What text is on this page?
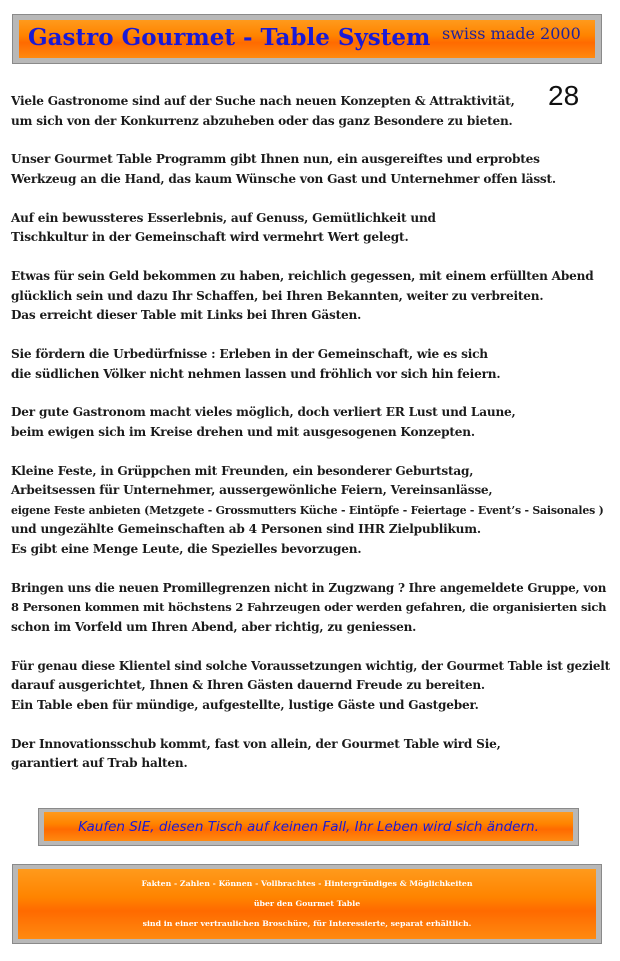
Gastro Gourmet - Table System swiss made 2000
28
Viele Gastronome sind auf der Suche nach neuen Konzepten & Attraktivität,
um sich von der Konkurrenz abzuheben oder das ganz Besondere zu bieten.
Unser Gourmet Table Programm gibt Ihnen nun, ein ausgereiftes und erprobtes
Werkzeug an die Hand, das kaum Wünsche von Gast und Unternehmer offen lässt.
Auf ein bewussteres Esserlebnis, auf Genuss, Gemütlichkeit und
Tischkultur in der Gemeinschaft wird vermehrt Wert gelegt.
Etwas für sein Geld bekommen zu haben, reichlich gegessen, mit einem erfüllten Abend
glücklich sein und dazu Ihr Schaffen, bei Ihren Bekannten, weiter zu verbreiten.
Das erreicht dieser Table mit Links bei Ihren Gästen.
Sie fördern die Urbedürfnisse : Erleben in der Gemeinschaft, wie es sich
die südlichen Völker nicht nehmen lassen und fröhlich vor sich hin feiern.
Der gute Gastronom macht vieles möglich, doch verliert ER Lust und Laune,
beim ewigen sich im Kreise drehen und mit ausgesogenen Konzepten.
Kleine Feste, in Grüppchen mit Freunden, ein besonderer Geburtstag,
Arbeitsessen für Unternehmer, aussergewönliche Feiern, Vereinsanlässe,
eigene Feste anbieten (Metzgete - Grossmutters Küche - Eintöpfe - Feiertage - Event’s - Saisonales )
und ungezählte Gemeinschaften ab 4 Personen sind IHR Zielpublikum.
Es gibt eine Menge Leute, die Spezielles bevorzugen.
Bringen uns die neuen Promillegrenzen nicht in Zugzwang ? Ihre angemeldete Gruppe, von
8 Personen kommen mit höchstens 2 Fahrzeugen oder werden gefahren, die organisierten sich
schon im Vorfeld um Ihren Abend, aber richtig, zu geniessen.
Für genau diese Klientel sind solche Voraussetzungen wichtig, der Gourmet Table ist gezielt
darauf ausgerichtet, Ihnen & Ihren Gästen dauernd Freude zu bereiten.
Ein Table eben für mündige, aufgestellte, lustige Gäste und Gastgeber.
Der Innovationsschub kommt, fast von allein, der Gourmet Table wird Sie,
garantiert auf Trab halten.
Kaufen SIE, diesen Tisch auf keinen Fall, Ihr Leben wird sich ändern.
Fakten - Zahlen - Können - Vollbrachtes - Hintergründiges & Möglichkeiten
über den Gourmet Table
sind in einer vertraulichen Broschüre, für Interessierte, separat erhältlich.
